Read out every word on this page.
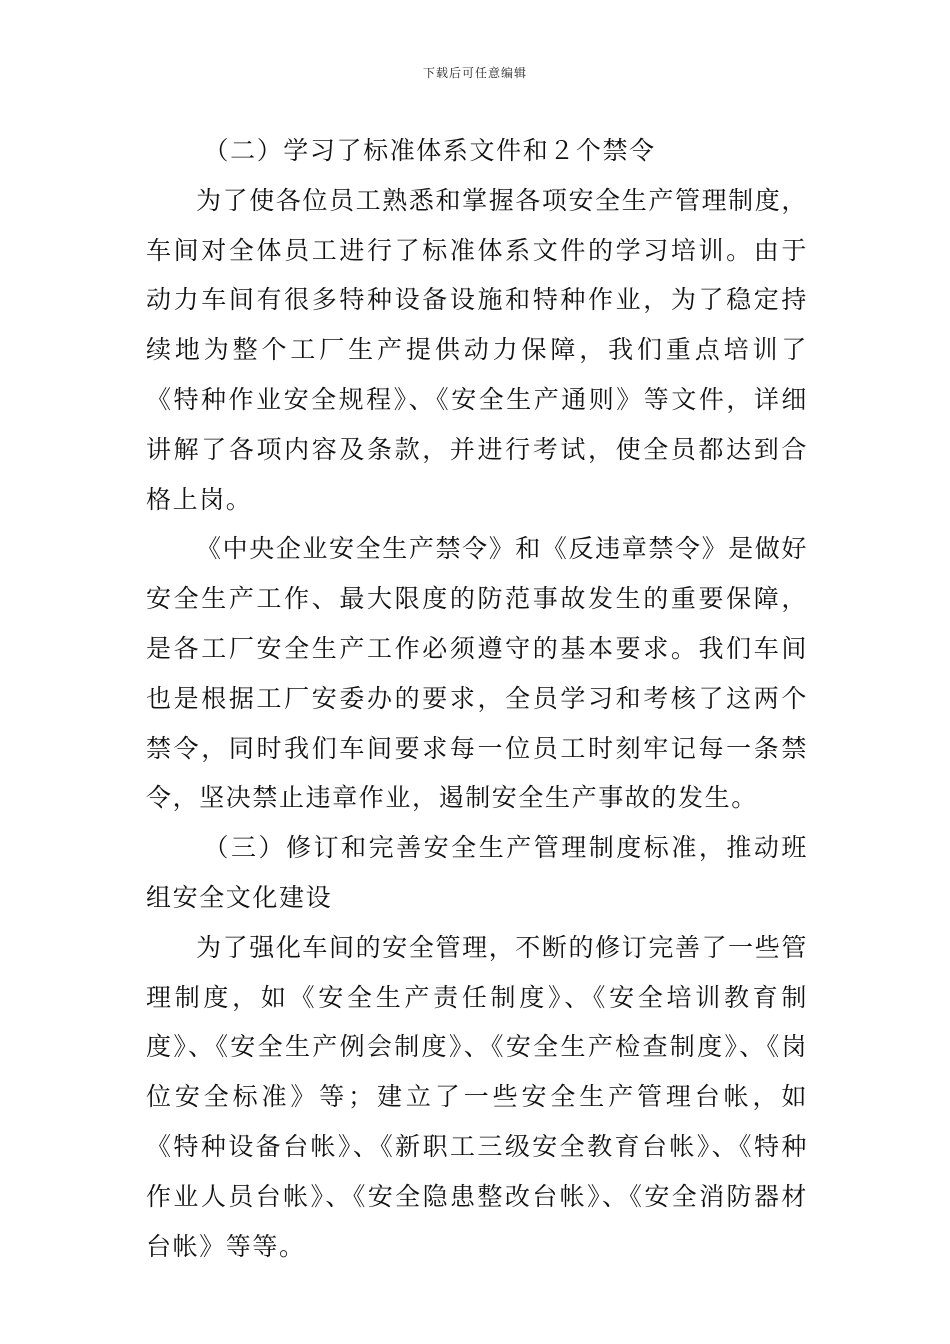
下载后可任意编辑

（二）学习了标准体系文件和２个禁令

为了使各位员工熟悉和掌握各项安全生产管理制度，车间对全体员工进行了标准体系文件的学习培训。由于动力车间有很多特种设备设施和特种作业，为了稳定持续地为整个工厂生产提供动力保障，我们重点培训了《特种作业安全规程》、《安全生产通则》等文件，详细讲解了各项内容及条款，并进行考试，使全员都达到合格上岗。

《中央企业安全生产禁令》和《反违章禁令》是做好安全生产工作、最大限度的防范事故发生的重要保障，是各工厂安全生产工作必须遵守的基本要求。我们车间也是根据工厂安委办的要求，全员学习和考核了这两个禁令，同时我们车间要求每一位员工时刻牢记每一条禁令，坚决禁止违章作业，遏制安全生产事故的发生。

（三）修订和完善安全生产管理制度标准，推动班组安全文化建设

为了强化车间的安全管理，不断的修订完善了一些管理制度，如《安全生产责任制度》、《安全培训教育制度》、《安全生产例会制度》、《安全生产检查制度》、《岗位安全标准》等；建立了一些安全生产管理台帐，如《特种设备台帐》、《新职工三级安全教育台帐》、《特种作业人员台帐》、《安全隐患整改台帐》、《安全消防器材台帐》等等。
